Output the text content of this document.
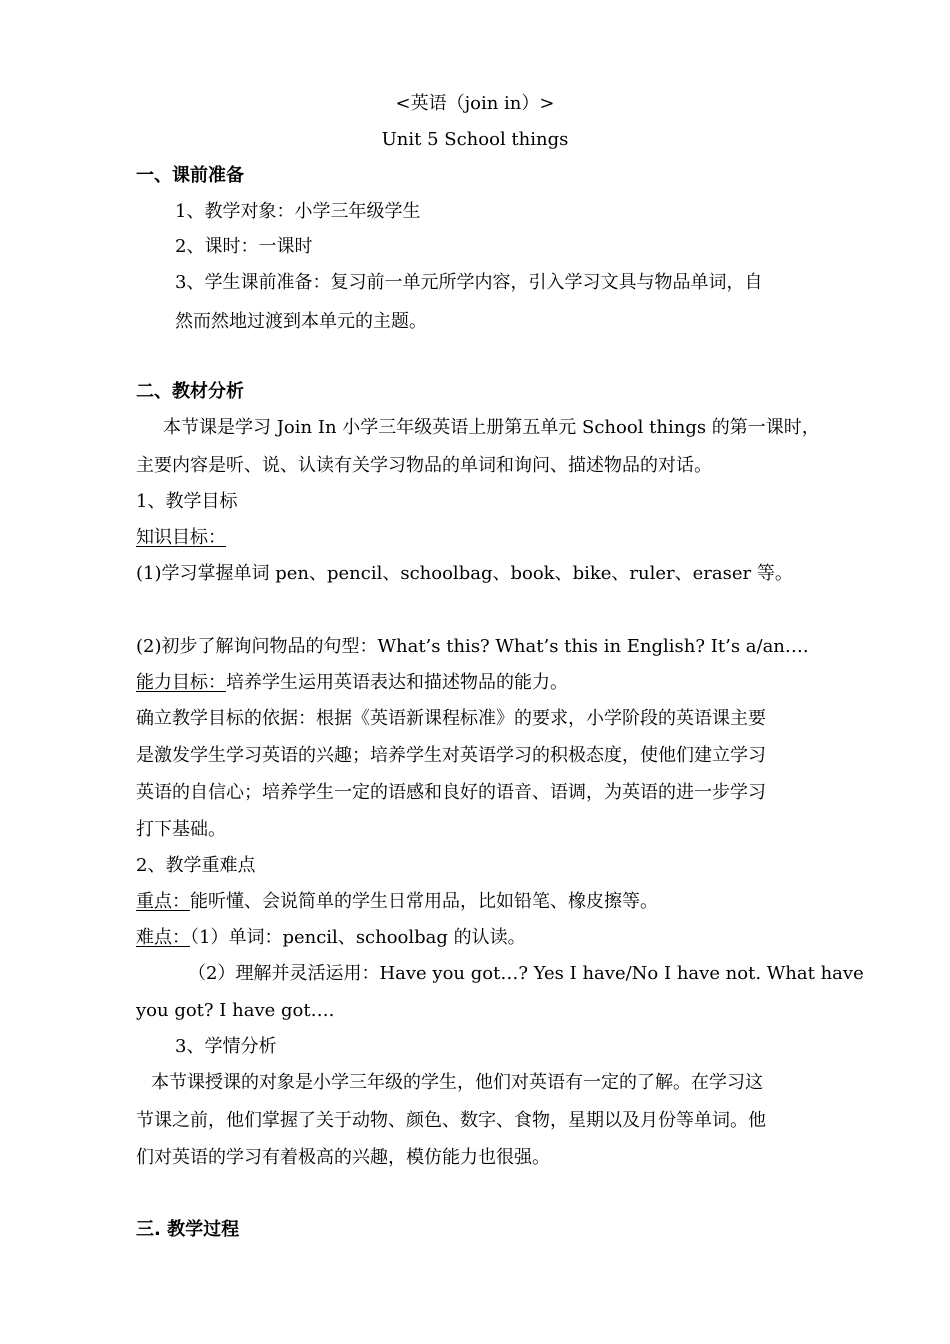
<英语（join in）>
Unit 5 School things
一、课前准备
1、教学对象：小学三年级学生
2、课时：一课时
3、学生课前准备：复习前一单元所学内容，引入学习文具与物品单词，自
然而然地过渡到本单元的主题。
二、教材分析
本节课是学习 Join In 小学三年级英语上册第五单元 School things 的第一课时，
主要内容是听、说、认读有关学习物品的单词和询问、描述物品的对话。
1、教学目标
知识目标：
(1)学习掌握单词 pen、pencil、schoolbag、book、bike、ruler、eraser 等。
(2)初步了解询问物品的句型：What’s this? What’s this in English? It’s a/an….
能力目标：培养学生运用英语表达和描述物品的能力。
确立教学目标的依据：根据《英语新课程标准》的要求，小学阶段的英语课主要
是激发学生学习英语的兴趣；培养学生对英语学习的积极态度，使他们建立学习
英语的自信心；培养学生一定的语感和良好的语音、语调，为英语的进一步学习
打下基础。
2、教学重难点
重点：能听懂、会说简单的学生日常用品，比如铅笔、橡皮擦等。
难点：（1）单词：pencil、schoolbag 的认读。
（2）理解并灵活运用：Have you got…? Yes I have/No I have not. What have
you got? I have got….
3、学情分析
本节课授课的对象是小学三年级的学生，他们对英语有一定的了解。在学习这
节课之前，他们掌握了关于动物、颜色、数字、食物，星期以及月份等单词。他
们对英语的学习有着极高的兴趣，模仿能力也很强。
三. 教学过程
